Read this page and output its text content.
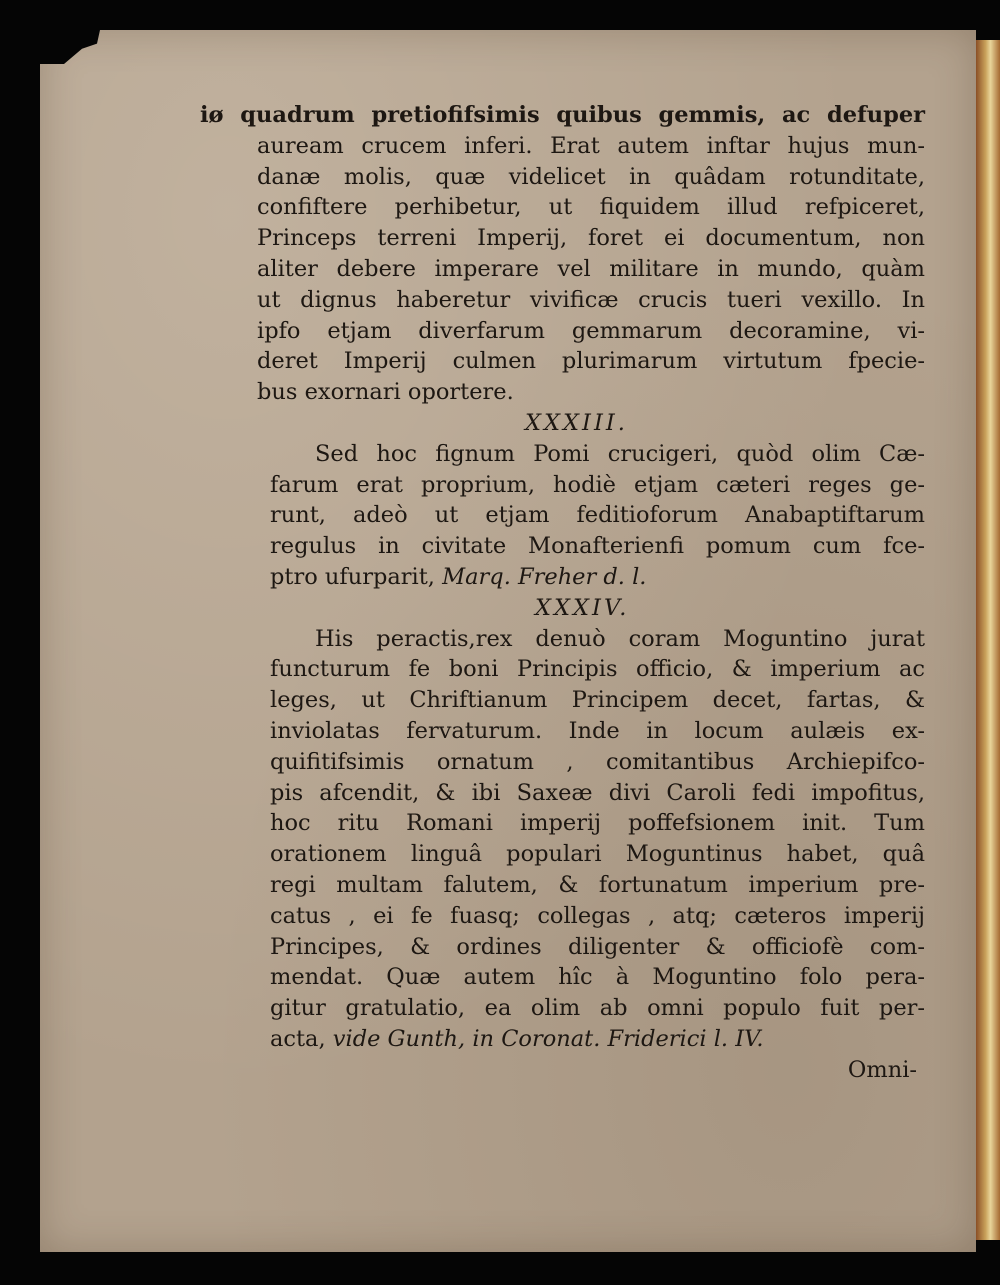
iø quadrum pretiofifsimis quibus gemmis, ac defuper
auream crucem inferi. Erat autem inftar hujus mun-
danæ molis, quæ videlicet in quâdam rotunditate,
confiftere perhibetur, ut fiquidem illud refpiceret,
Princeps terreni Imperij, foret ei documentum, non
aliter debere imperare vel militare in mundo, quàm
ut dignus haberetur vivificæ crucis tueri vexillo. In
ipfo etjam diverfarum gemmarum decoramine, vi-
deret Imperij culmen plurimarum virtutum fpecie-
bus exornari oportere.
XXXIII.
Sed hoc fignum Pomi crucigeri, quòd olim Cæ-
farum erat proprium, hodiè etjam cæteri reges ge-
runt, adeò ut etjam feditioforum Anabaptiftarum
regulus in civitate Monafterienfi pomum cum fce-
ptro ufurparit, Marq. Freher d. l.
XXXIV.
His peractis,rex denuò coram Moguntino jurat
functurum fe boni Principis officio, & imperium ac
leges, ut Chriftianum Principem decet, fartas, &
inviolatas fervaturum. Inde in locum aulæis ex-
quifitifsimis ornatum , comitantibus Archiepifco-
pis afcendit, & ibi Saxeæ divi Caroli fedi impofitus,
hoc ritu Romani imperij poffefsionem init. Tum
orationem linguâ populari Moguntinus habet, quâ
regi multam falutem, & fortunatum imperium pre-
catus , ei fe fuasq; collegas , atq; cæteros imperij
Principes, & ordines diligenter & officiofè com-
mendat. Quæ autem hîc à Moguntino folo pera-
gitur gratulatio, ea olim ab omni populo fuit per-
acta, vide Gunth, in Coronat. Friderici l. IV.
Omni-
